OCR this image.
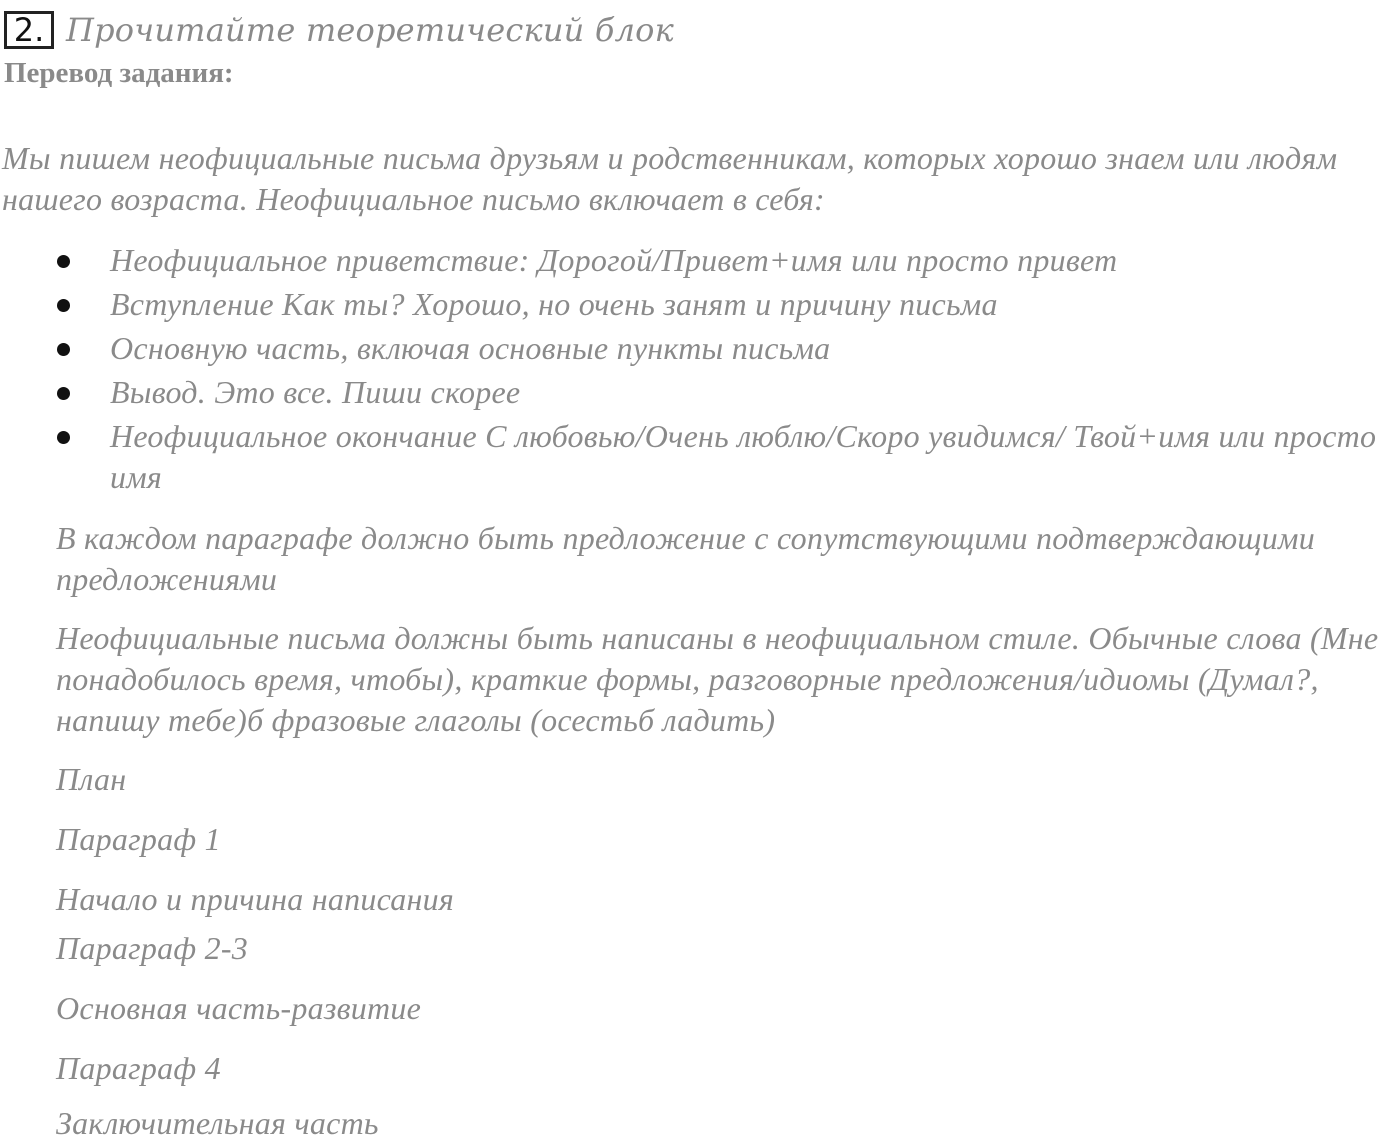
2. Прочитайте теоретический блок
Перевод задания:

Мы пишем неофициальные письма друзьям и родственникам, которых хорошо знаем или людям нашего возраста. Неофициальное письмо включает в себя:

Неофициальное приветствие: Дорогой/Привет+имя или просто привет
Вступление Как ты? Хорошо, но очень занят и причину письма
Основную часть, включая основные пункты письма
Вывод. Это все. Пиши скорее
Неофициальное окончание С любовью/Очень люблю/Скоро увидимся/ Твой+имя или просто имя

В каждом параграфе должно быть предложение с сопутствующими подтверждающими предложениями

Неофициальные письма должны быть написаны в неофициальном стиле. Обычные слова (Мне понадобилось время, чтобы), краткие формы, разговорные предложения/идиомы (Думал?, напишу тебе)б фразовые глаголы (осестьб ладить)

План

Параграф 1

Начало и причина написания

Параграф 2-3

Основная часть-развитие

Параграф 4

Заключительная часть
